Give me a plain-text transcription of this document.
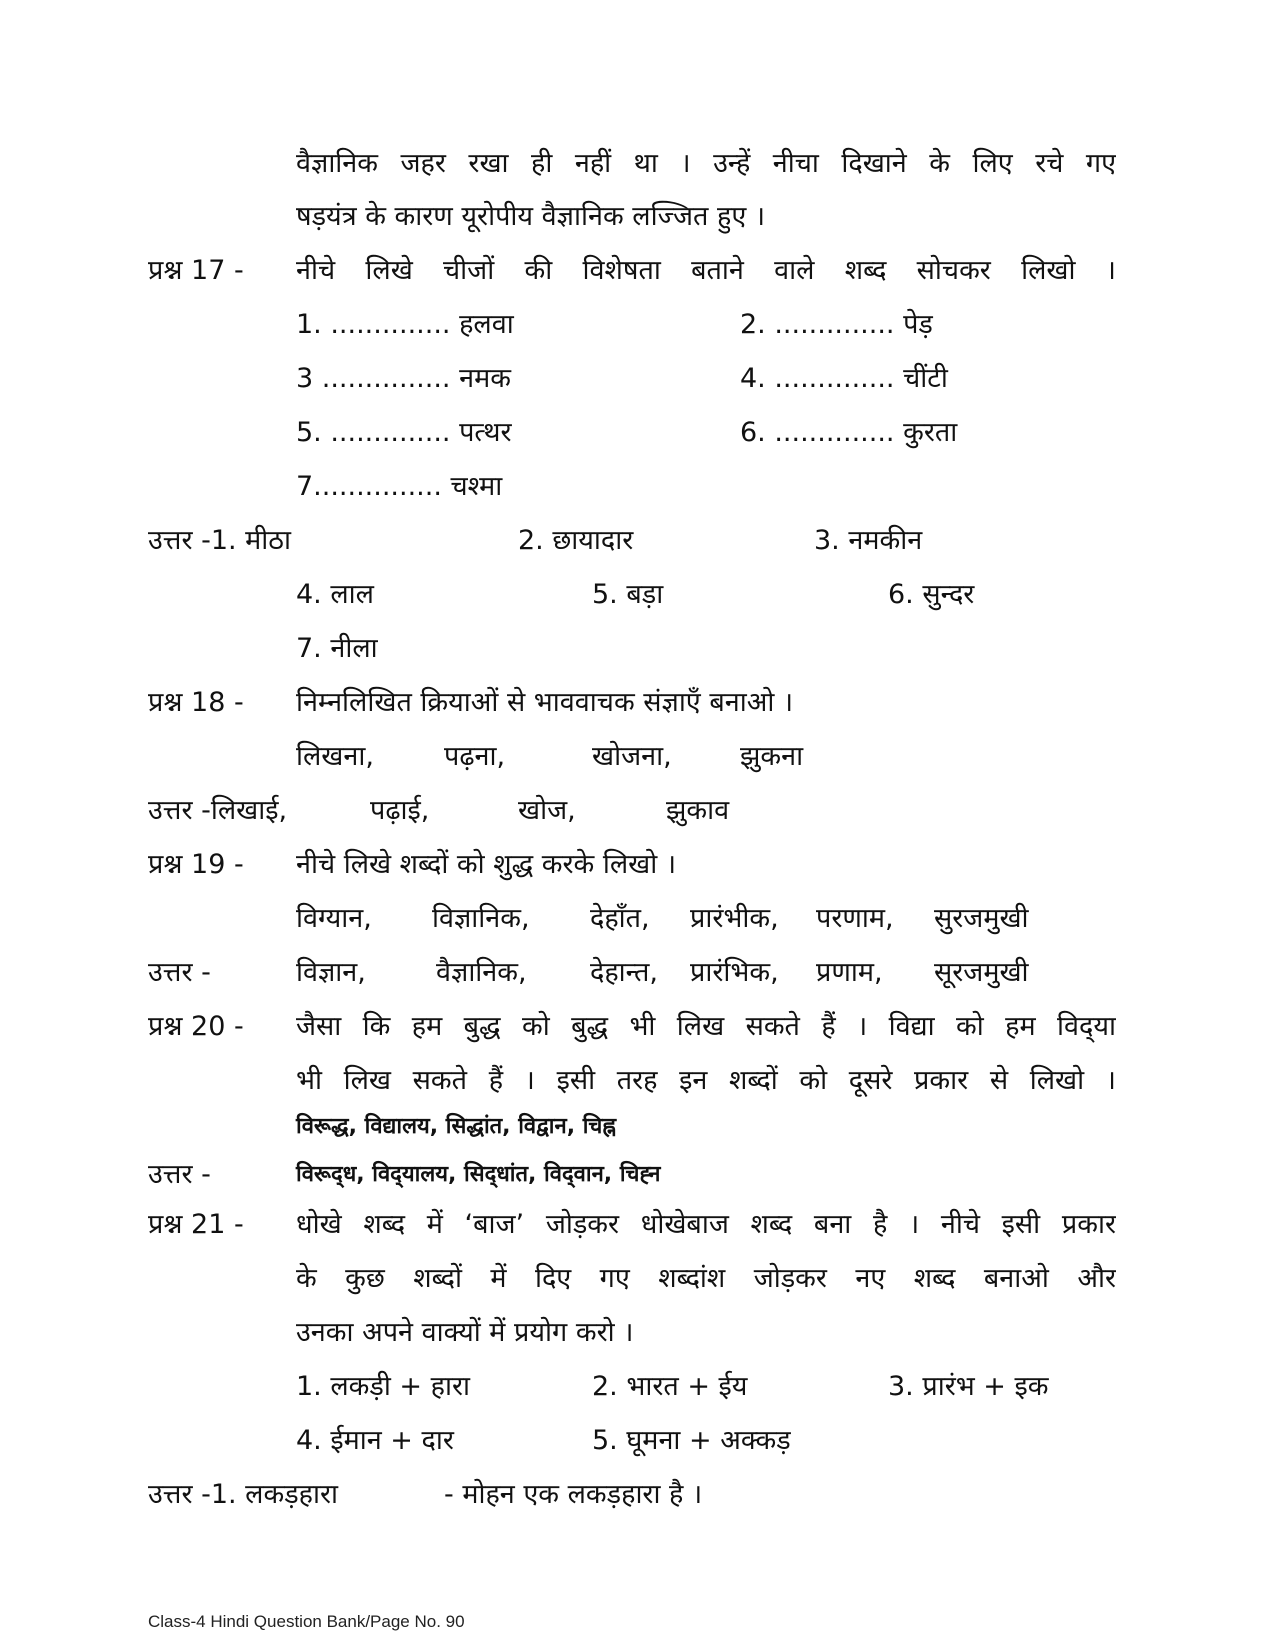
वैज्ञानिक जहर रखा ही नहीं था । उन्हें नीचा दिखाने के लिए रचे गए
षड़यंत्र के कारण यूरोपीय वैज्ञानिक लज्जित हुए ।
प्रश्न 17 - नीचे लिखे चीजों की विशेषता बताने वाले शब्द सोचकर लिखो ।
1. .............. हलवा	2. .............. पेड़
3 ............... नमक	4. .............. चींटी
5. .............. पत्थर	6. .............. कुरता
7............... चश्मा
उत्तर -1. मीठा	2. छायादार	3. नमकीन
4. लाल	5. बड़ा	6. सुन्दर
7. नीला
प्रश्न 18 - निम्नलिखित क्रियाओं से भाववाचक संज्ञाएँ बनाओ ।
लिखना,	पढ़ना,	खोजना,	झुकना
उत्तर -लिखाई,	पढ़ाई,	खोज,	झुकाव
प्रश्न 19 - नीचे लिखे शब्दों को शुद्ध करके लिखो ।
विग्यान, विज्ञानिक, देहाँत, प्रारंभीक, परणाम, सुरजमुखी
उत्तर -	विज्ञान,	वैज्ञानिक, देहान्त, प्रारंभिक, प्रणाम, सूरजमुखी
प्रश्न 20 - जैसा कि हम बुद्ध को बुद्ध भी लिख सकते हैं । विद्या को हम विद्‍या
भी लिख सकते हैं । इसी तरह इन शब्दों को दूसरे प्रकार से लिखो ।
विरूद्ध, विद्यालय, सिद्धांत, विद्वान, चिह्न
उत्तर -	विरूद्‍ध, विद्‍यालय, सिद्‍धांत, विद्‍वान, चिह्‍न
प्रश्न 21 - धोखे शब्द में ‘बाज’ जोड़कर धोखेबाज शब्द बना है । नीचे इसी प्रकार
के कुछ शब्दों में दिए गए शब्दांश जोड़कर नए शब्द बनाओ और
उनका अपने वाक्यों में प्रयोग करो ।
1. लकड़ी + हारा	2. भारत + ईय	3. प्रारंभ + इक
4. ईमान + दार	5. घूमना + अक्कड़
उत्तर -1. लकड़हारा	- मोहन एक लकड़हारा है ।
Class-4 Hindi Question Bank/Page No. 90
